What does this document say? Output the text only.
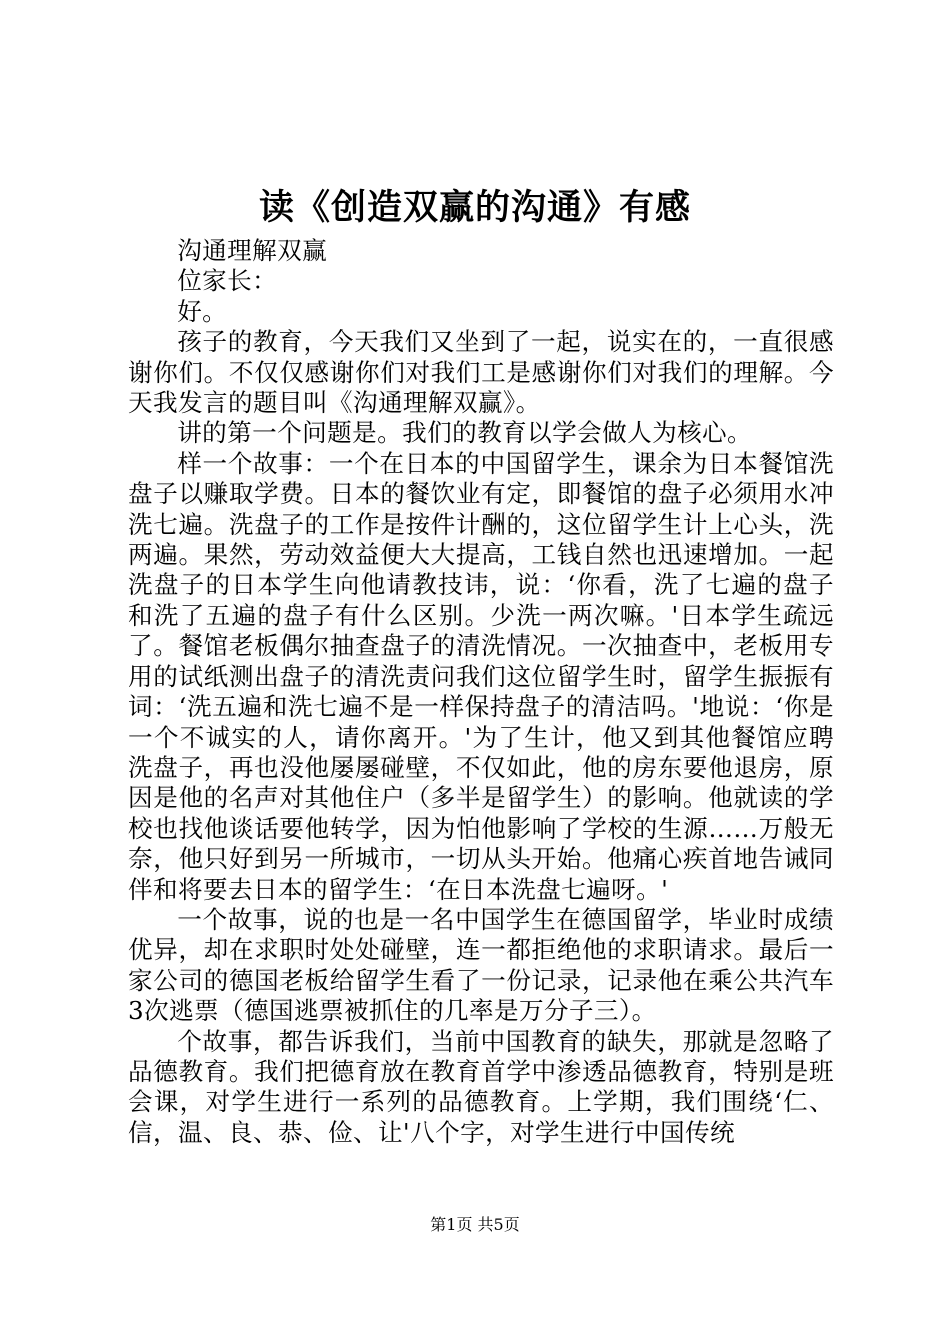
读《创造双赢的沟通》有感

沟通理解双赢

位家长：

好。

孩子的教育，今天我们又坐到了一起，说实在的，一直很感谢你们。不仅仅感谢你们对我们工是感谢你们对我们的理解。今天我发言的题目叫《沟通理解双赢》。

讲的第一个问题是。我们的教育以学会做人为核心。

样一个故事：一个在日本的中国留学生，课余为日本餐馆洗盘子以赚取学费。日本的餐饮业有定，即餐馆的盘子必须用水冲洗七遍。洗盘子的工作是按件计酬的，这位留学生计上心头，洗两遍。果然，劳动效益便大大提高，工钱自然也迅速增加。一起洗盘子的日本学生向他请教技讳，说：‘你看，洗了七遍的盘子和洗了五遍的盘子有什么区别。少洗一两次嘛。'日本学生疏远了。餐馆老板偶尔抽查盘子的清洗情况。一次抽查中，老板用专用的试纸测出盘子的清洗责问我们这位留学生时，留学生振振有词：‘洗五遍和洗七遍不是一样保持盘子的清洁吗。'地说：‘你是一个不诚实的人，请你离开。'为了生计，他又到其他餐馆应聘洗盘子，再也没他屡屡碰壁，不仅如此，他的房东要他退房，原因是他的名声对其他住户（多半是留学生）的影响。他就读的学校也找他谈话要他转学，因为怕他影响了学校的生源……万般无奈，他只好到另一所城市，一切从头开始。他痛心疾首地告诫同伴和将要去日本的留学生：‘在日本洗盘七遍呀。'

一个故事，说的也是一名中国学生在德国留学，毕业时成绩优异，却在求职时处处碰壁，连一都拒绝他的求职请求。最后一家公司的德国老板给留学生看了一份记录，记录他在乘公共汽车3次逃票（德国逃票被抓住的几率是万分子三）。

个故事，都告诉我们，当前中国教育的缺失，那就是忽略了品德教育。我们把德育放在教育首学中渗透品德教育，特别是班会课，对学生进行一系列的品德教育。上学期，我们围绕‘仁、信，温、良、恭、俭、让'八个字，对学生进行中国传统

第1页 共5页
